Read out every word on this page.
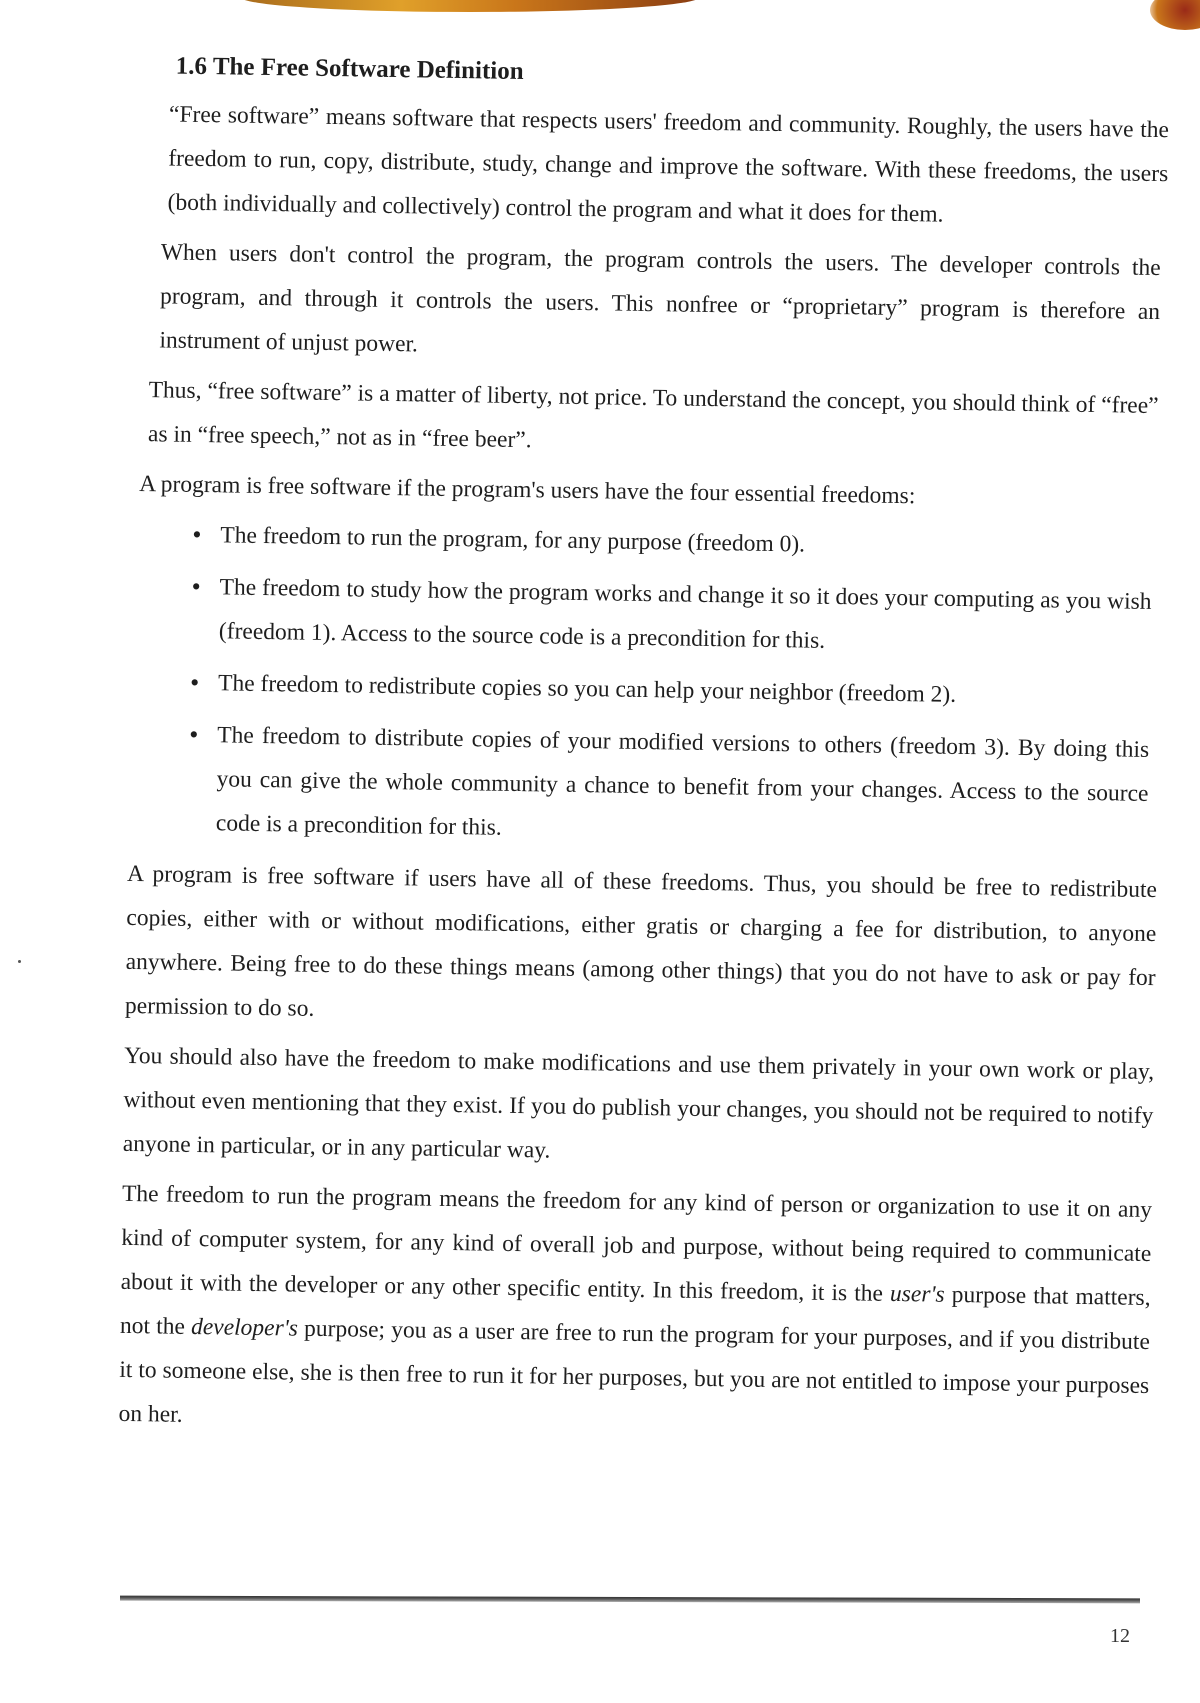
1.6 The Free Software Definition

“Free software” means software that respects users' freedom and community. Roughly, the users have the freedom to run, copy, distribute, study, change and improve the software. With these freedoms, the users (both individually and collectively) control the program and what it does for them.

When users don't control the program, the program controls the users. The developer controls the program, and through it controls the users. This nonfree or “proprietary” program is therefore an instrument of unjust power.

Thus, “free software” is a matter of liberty, not price. To understand the concept, you should think of “free” as in “free speech,” not as in “free beer”.

A program is free software if the program's users have the four essential freedoms:

• The freedom to run the program, for any purpose (freedom 0).
• The freedom to study how the program works and change it so it does your computing as you wish (freedom 1). Access to the source code is a precondition for this.
• The freedom to redistribute copies so you can help your neighbor (freedom 2).
• The freedom to distribute copies of your modified versions to others (freedom 3). By doing this you can give the whole community a chance to benefit from your changes. Access to the source code is a precondition for this.

A program is free software if users have all of these freedoms. Thus, you should be free to redistribute copies, either with or without modifications, either gratis or charging a fee for distribution, to anyone anywhere. Being free to do these things means (among other things) that you do not have to ask or pay for permission to do so.

You should also have the freedom to make modifications and use them privately in your own work or play, without even mentioning that they exist. If you do publish your changes, you should not be required to notify anyone in particular, or in any particular way.

The freedom to run the program means the freedom for any kind of person or organization to use it on any kind of computer system, for any kind of overall job and purpose, without being required to communicate about it with the developer or any other specific entity. In this freedom, it is the user's purpose that matters, not the developer's purpose; you as a user are free to run the program for your purposes, and if you distribute it to someone else, she is then free to run it for her purposes, but you are not entitled to impose your purposes on her.

12
